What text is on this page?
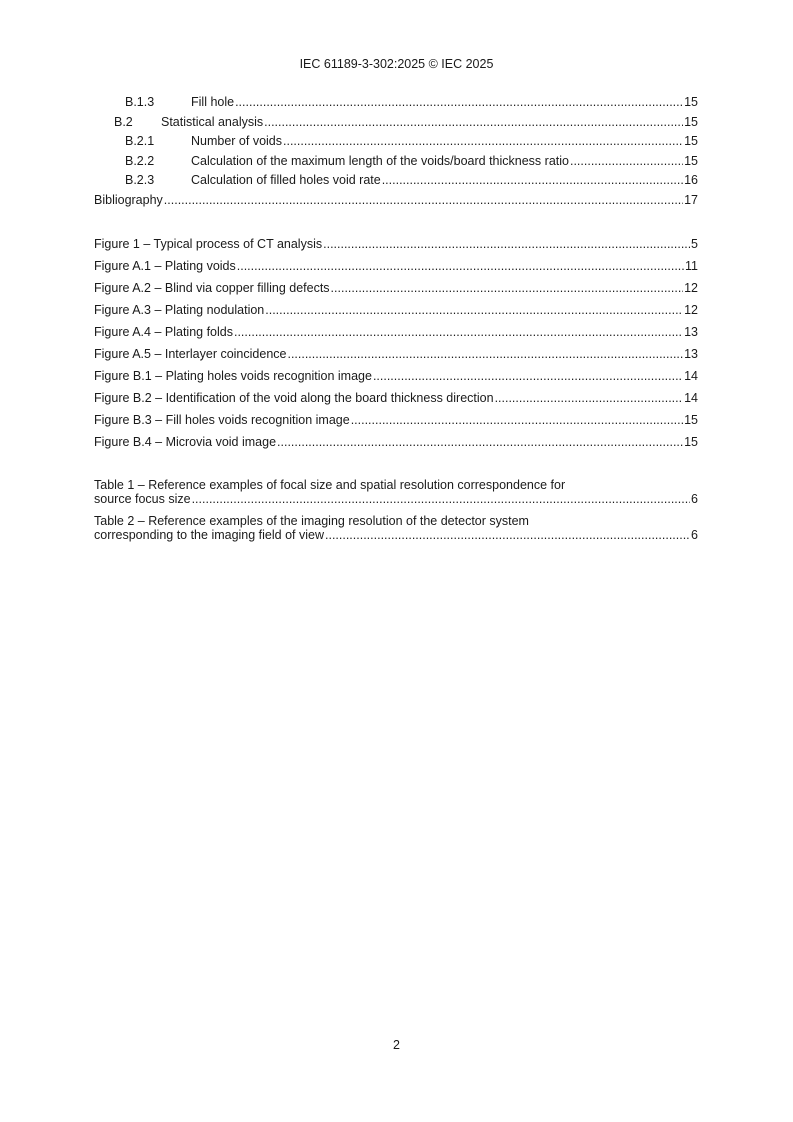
IEC 61189-3-302:2025 © IEC 2025
B.1.3	Fill hole .....	15
B.2	Statistical analysis .....	15
B.2.1	Number of voids .....	15
B.2.2	Calculation of the maximum length of the voids/board thickness ratio .....	15
B.2.3	Calculation of filled holes void rate .....	16
Bibliography .....	17
Figure 1 – Typical process of CT analysis .....	5
Figure A.1 – Plating voids .....	11
Figure A.2 – Blind via copper filling defects .....	12
Figure A.3 – Plating nodulation .....	12
Figure A.4 – Plating folds .....	13
Figure A.5 – Interlayer coincidence .....	13
Figure B.1 – Plating holes voids recognition image .....	14
Figure B.2 – Identification of the void along the board thickness direction .....	14
Figure B.3 – Fill holes voids recognition image .....	15
Figure B.4 – Microvia void image .....	15
Table 1 – Reference examples of focal size and spatial resolution correspondence for
source focus size .....	6
Table 2 – Reference examples of the imaging resolution of the detector system
corresponding to the imaging field of view .....	6
2
